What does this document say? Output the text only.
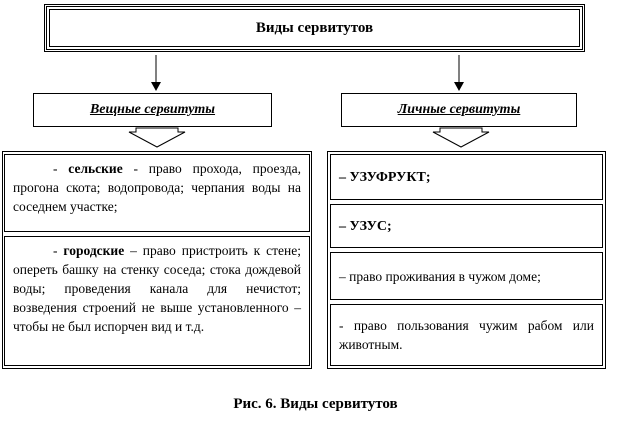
Виды сервитутов
Вещные сервитуты	Личные сервитуты
- сельские - право прохода, проезда, прогона скота; водопровода; черпания воды на соседнем участке;
- городские – право пристроить к стене; опереть башку на стенку соседа; стока дождевой воды; проведения канала для нечистот; возведения строений не выше установленного – чтобы не был испорчен вид и т.д.
– УЗУФРУКТ;
– УЗУС;
– право проживания в чужом доме;
- право пользования чужим рабом или животным.
Рис. 6. Виды сервитутов
